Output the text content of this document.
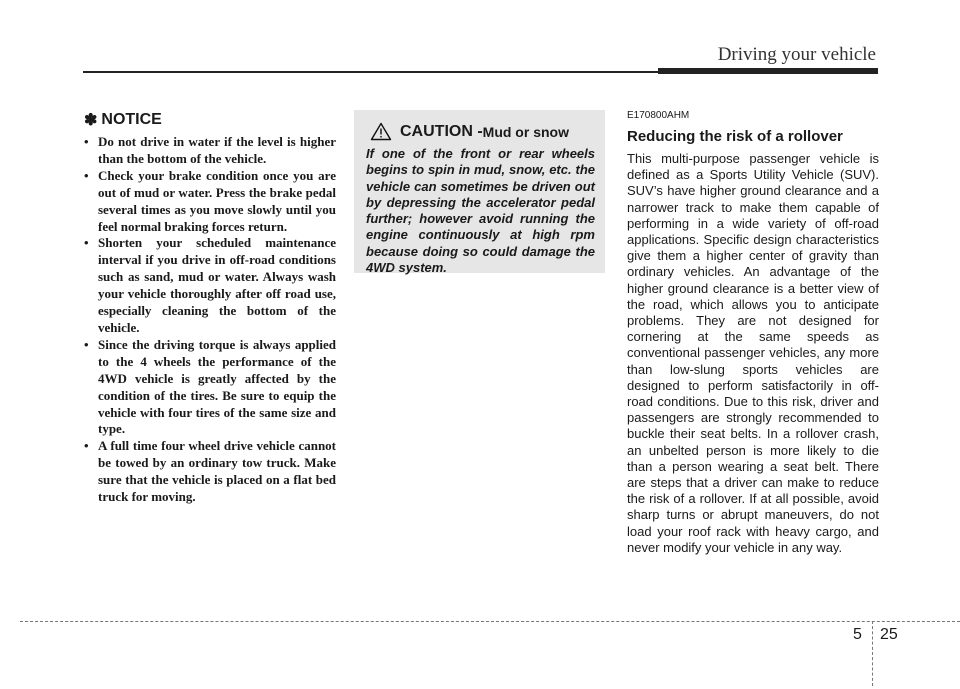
Driving your vehicle
✽ NOTICE
• Do not drive in water if the level is higher than the bottom of the vehicle.
• Check your brake condition once you are out of mud or water. Press the brake pedal several times as you move slowly until you feel normal braking forces return.
• Shorten your scheduled maintenance interval if you drive in off-road conditions such as sand, mud or water. Always wash your vehicle thoroughly after off road use, especially cleaning the bottom of the vehicle.
• Since the driving torque is always applied to the 4 wheels the performance of the 4WD vehicle is greatly affected by the condition of the tires. Be sure to equip the vehicle with four tires of the same size and type.
• A full time four wheel drive vehicle cannot be towed by an ordinary tow truck. Make sure that the vehicle is placed on a flat bed truck for moving.
CAUTION - Mud or snow
If one of the front or rear wheels begins to spin in mud, snow, etc. the vehicle can sometimes be driven out by depressing the accelerator pedal further; however avoid running the engine continuously at high rpm because doing so could damage the 4WD system.
E170800AHM
Reducing the risk of a rollover

This multi-purpose passenger vehicle is defined as a Sports Utility Vehicle (SUV). SUV’s have higher ground clearance and a narrower track to make them capable of performing in a wide variety of off-road applications. Specific design characteristics give them a higher center of gravity than ordinary vehicles. An advantage of the higher ground clearance is a better view of the road, which allows you to anticipate problems. They are not designed for cornering at the same speeds as conventional passenger vehicles, any more than low-slung sports vehicles are designed to perform satisfactorily in off-road conditions. Due to this risk, driver and passengers are strongly recommended to buckle their seat belts. In a rollover crash, an unbelted person is more likely to die than a person wearing a seat belt. There are steps that a driver can make to reduce the risk of a rollover. If at all possible, avoid sharp turns or abrupt maneuvers, do not load your roof rack with heavy cargo, and never modify your vehicle in any way.

5 25
